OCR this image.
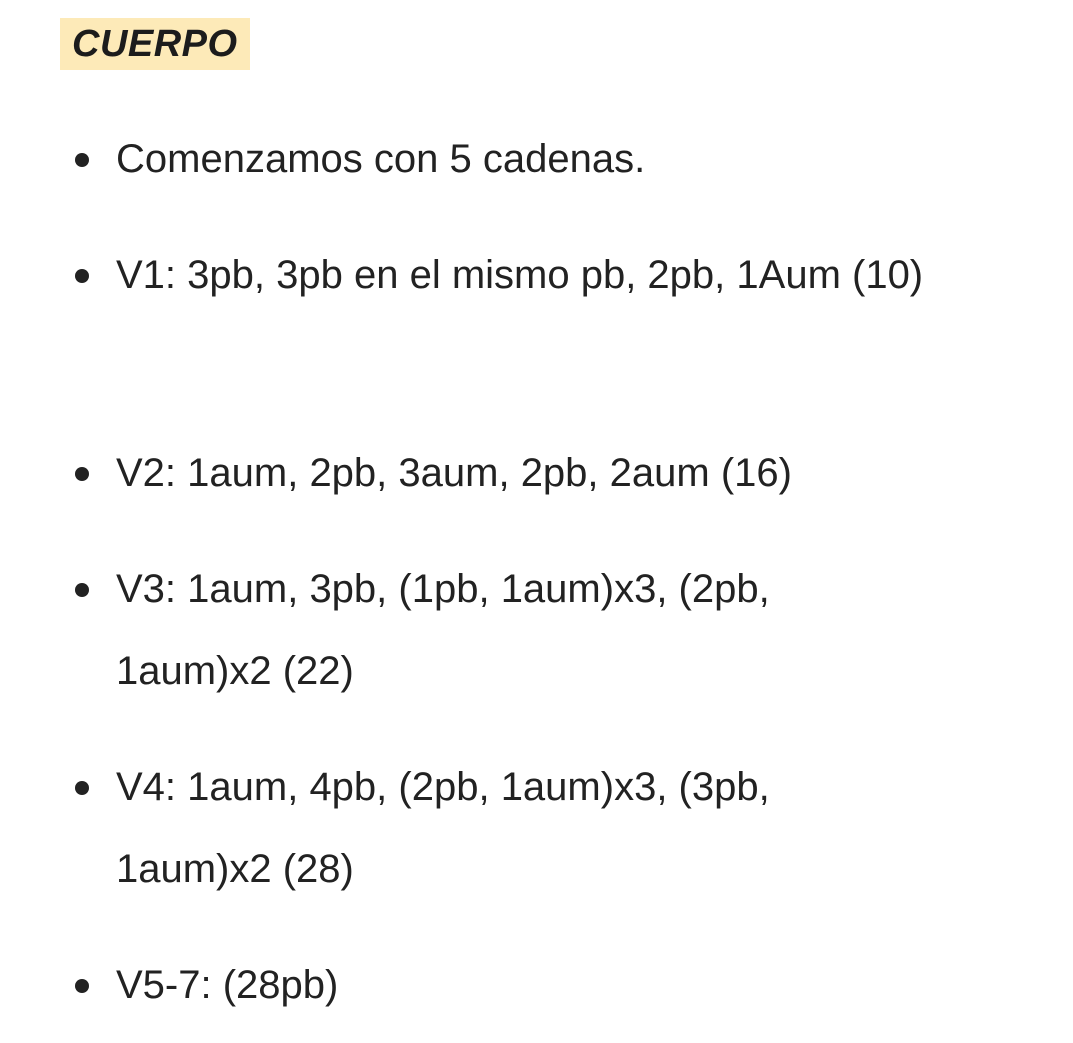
CUERPO
Comenzamos con 5 cadenas.
V1: 3pb, 3pb en el mismo pb, 2pb, 1Aum (10)
V2: 1aum, 2pb, 3aum, 2pb, 2aum (16)
V3: 1aum, 3pb, (1pb, 1aum)x3, (2pb, 1aum)x2 (22)
V4: 1aum, 4pb, (2pb, 1aum)x3, (3pb, 1aum)x2 (28)
V5-7: (28pb)
